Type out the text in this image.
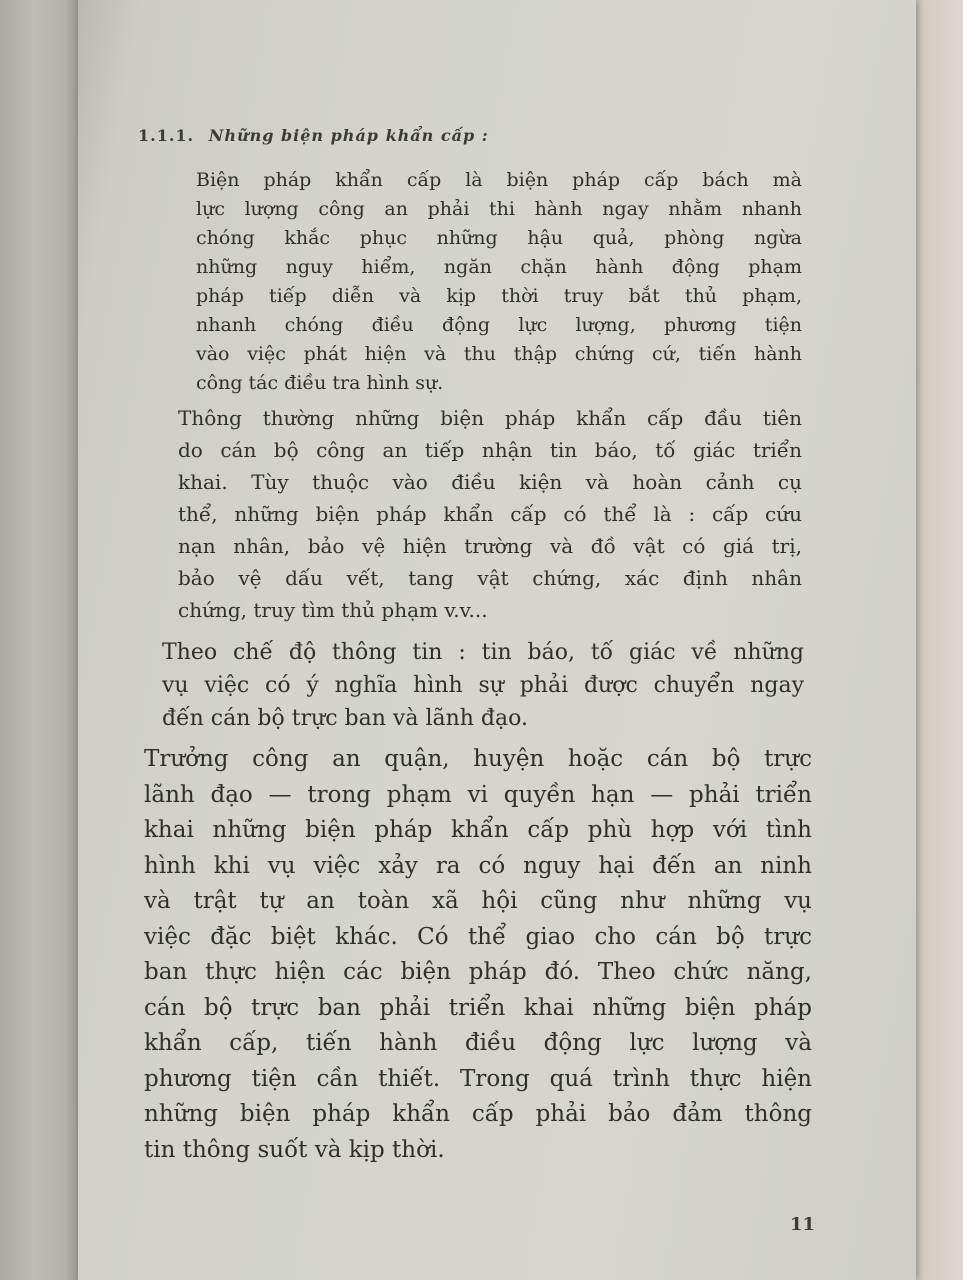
1.1.1. Những biện pháp khẩn cấp :
Biện pháp khẩn cấp là biện pháp cấp bách mà
lực lượng công an phải thi hành ngay nhằm nhanh
chóng khắc phục những hậu quả, phòng ngừa
những nguy hiểm, ngăn chặn hành động phạm
pháp tiếp diễn và kịp thời truy bắt thủ phạm,
nhanh chóng điều động lực lượng, phương tiện
vào việc phát hiện và thu thập chứng cứ, tiến hành
công tác điều tra hình sự.
Thông thường những biện pháp khẩn cấp đầu tiên
do cán bộ công an tiếp nhận tin báo, tố giác triển
khai. Tùy thuộc vào điều kiện và hoàn cảnh cụ
thể, những biện pháp khẩn cấp có thể là : cấp cứu
nạn nhân, bảo vệ hiện trường và đồ vật có giá trị,
bảo vệ dấu vết, tang vật chứng, xác định nhân
chứng, truy tìm thủ phạm v.v...
Theo chế độ thông tin : tin báo, tố giác về những
vụ việc có ý nghĩa hình sự phải được chuyển ngay
đến cán bộ trực ban và lãnh đạo.
Trưởng công an quận, huyện hoặc cán bộ trực
lãnh đạo — trong phạm vi quyền hạn — phải triển
khai những biện pháp khẩn cấp phù hợp với tình
hình khi vụ việc xảy ra có nguy hại đến an ninh
và trật tự an toàn xã hội cũng như những vụ
việc đặc biệt khác. Có thể giao cho cán bộ trực
ban thực hiện các biện pháp đó. Theo chức năng,
cán bộ trực ban phải triển khai những biện pháp
khẩn cấp, tiến hành điều động lực lượng và
phương tiện cần thiết. Trong quá trình thực hiện
những biện pháp khẩn cấp phải bảo đảm thông
tin thông suốt và kịp thời.
11
